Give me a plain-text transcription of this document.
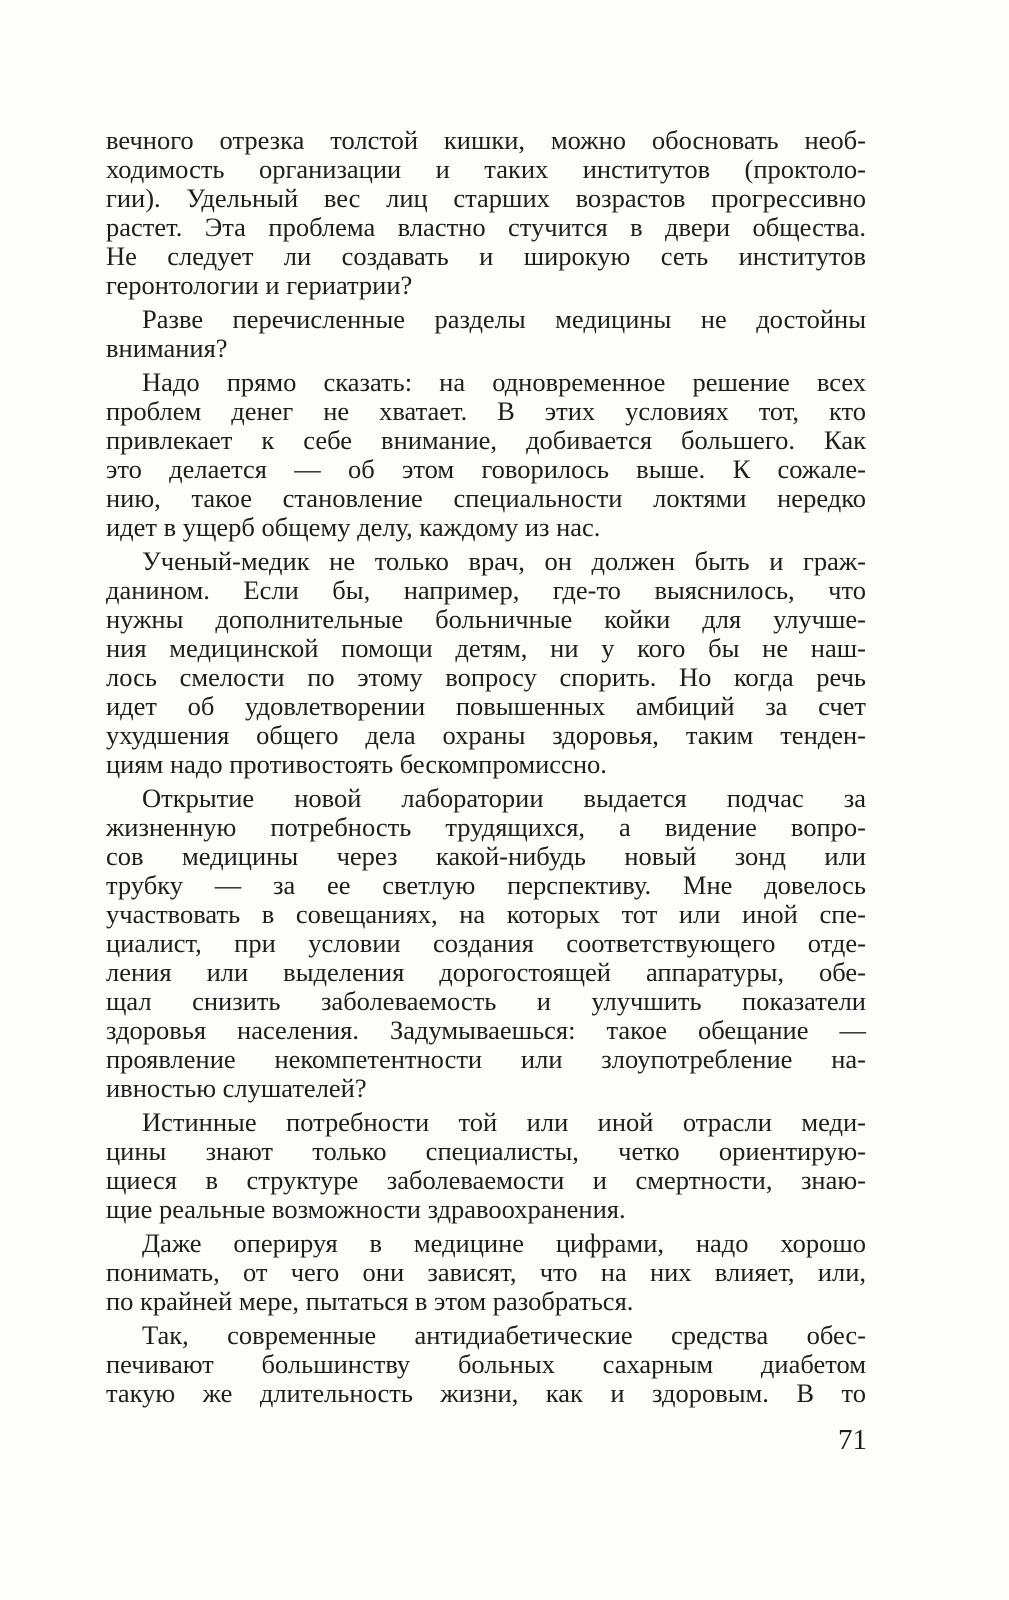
вечного отрезка толстой кишки, можно обосновать необ-
ходимость организации и таких институтов (проктоло-
гии). Удельный вес лиц старших возрастов прогрессивно
растет. Эта проблема властно стучится в двери общества.
Не следует ли создавать и широкую сеть институтов
геронтологии и гериатрии?
Разве перечисленные разделы медицины не достойны
внимания?
Надо прямо сказать: на одновременное решение всех
проблем денег не хватает. В этих условиях тот, кто
привлекает к себе внимание, добивается большего. Как
это делается — об этом говорилось выше. К сожале-
нию, такое становление специальности локтями нередко
идет в ущерб общему делу, каждому из нас.
Ученый-медик не только врач, он должен быть и граж-
данином. Если бы, например, где-то выяснилось, что
нужны дополнительные больничные койки для улучше-
ния медицинской помощи детям, ни у кого бы не наш-
лось смелости по этому вопросу спорить. Но когда речь
идет об удовлетворении повышенных амбиций за счет
ухудшения общего дела охраны здоровья, таким тенден-
циям надо противостоять бескомпромиссно.
Открытие новой лаборатории выдается подчас за
жизненную потребность трудящихся, а видение вопро-
сов медицины через какой-нибудь новый зонд или
трубку — за ее светлую перспективу. Мне довелось
участвовать в совещаниях, на которых тот или иной спе-
циалист, при условии создания соответствующего отде-
ления или выделения дорогостоящей аппаратуры, обе-
щал снизить заболеваемость и улучшить показатели
здоровья населения. Задумываешься: такое обещание —
проявление некомпетентности или злоупотребление на-
ивностью слушателей?
Истинные потребности той или иной отрасли меди-
цины знают только специалисты, четко ориентирую-
щиеся в структуре заболеваемости и смертности, знаю-
щие реальные возможности здравоохранения.
Даже оперируя в медицине цифрами, надо хорошо
понимать, от чего они зависят, что на них влияет, или,
по крайней мере, пытаться в этом разобраться.
Так, современные антидиабетические средства обес-
печивают большинству больных сахарным диабетом
такую же длительность жизни, как и здоровым. В то
71
